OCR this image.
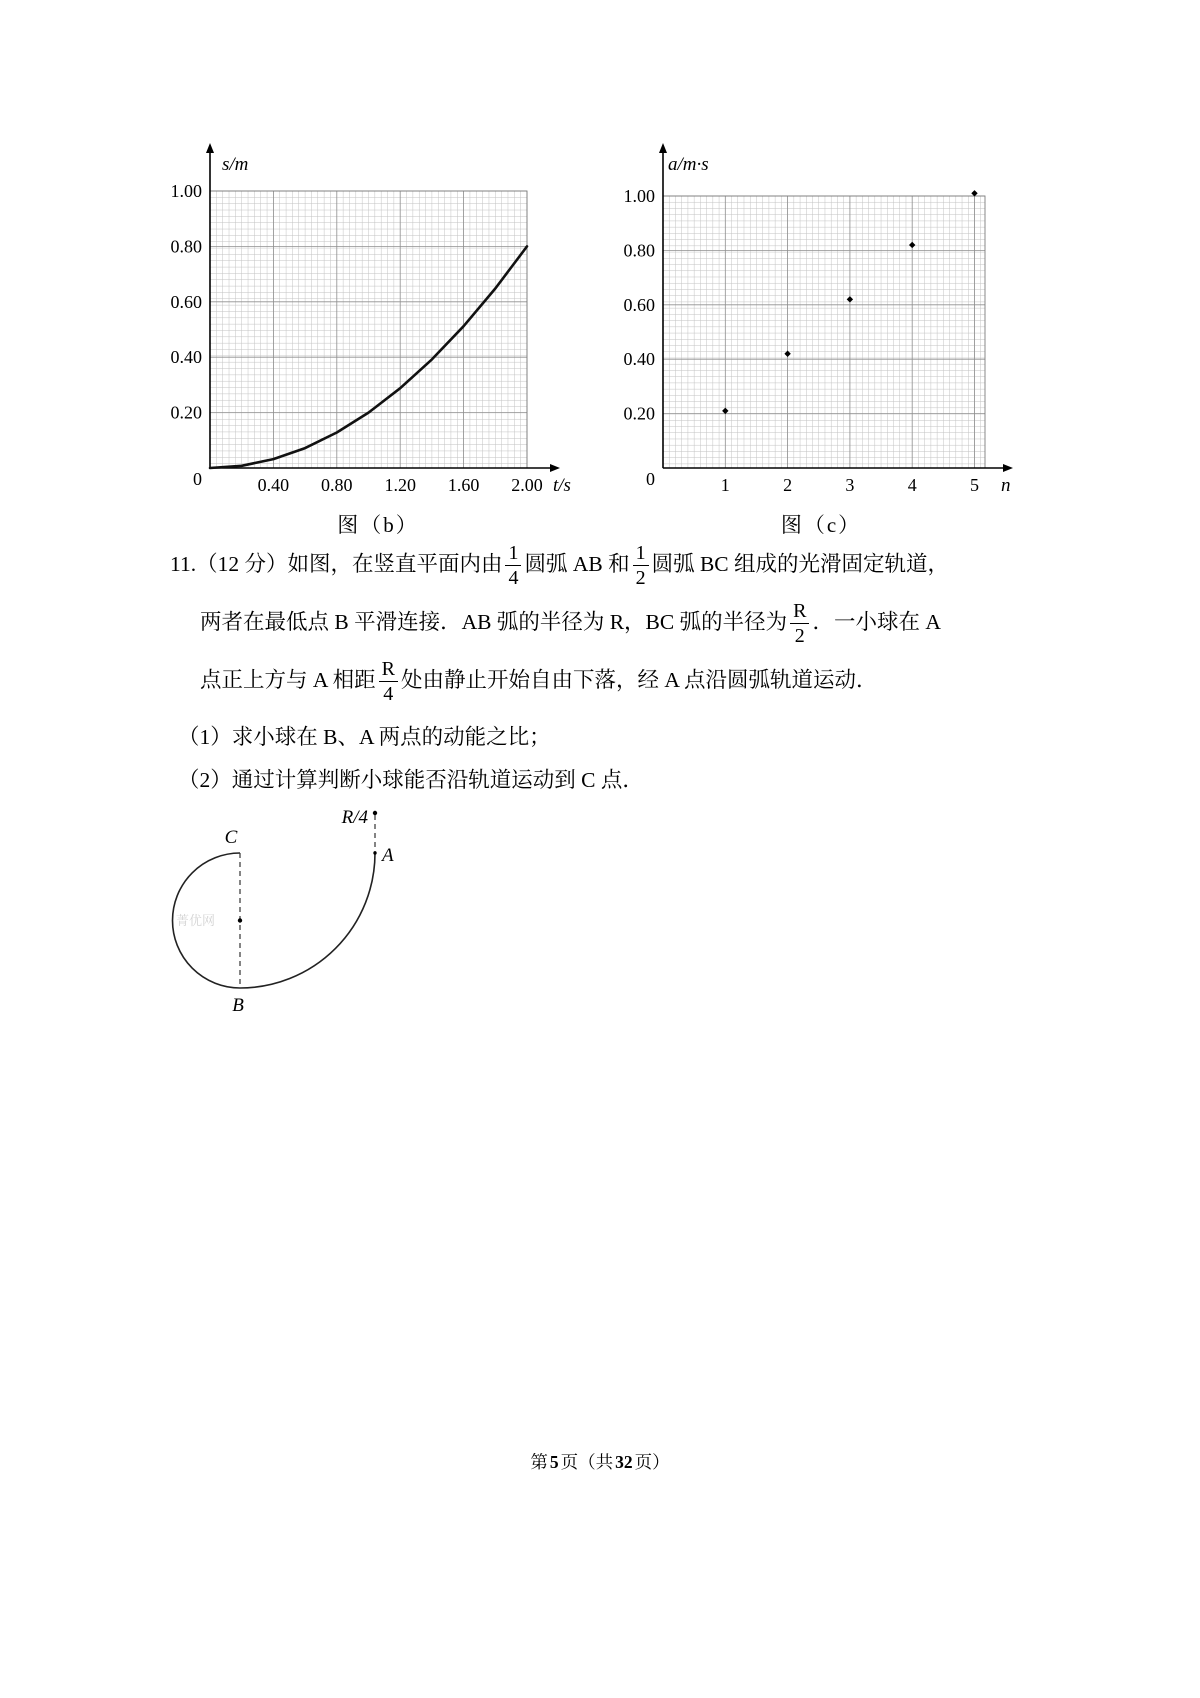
0.20
0.40
0.60
0.80
1.00
0.40 0.80 1.20 1.60 2.00
0
s/m
t/s
图（b）
0.20
0.40
0.60
0.80
1.00
1	2	3	4	5
0
a/m·s
n
图（c）

11.（12 分）如图，在竖直平面内由 $\frac{1}{4}$ 圆弧 AB 和 $\frac{1}{2}$ 圆弧 BC 组成的光滑固定轨道，

两者在最低点 B 平滑连接．AB 弧的半径为 R，BC 弧的半径为 $\frac{R}{2}$ ．一小球在 A

点正上方与 A 相距 $\frac{R}{4}$ 处由静止开始自由下落，经 A 点沿圆弧轨道运动．

（1）求小球在 B、A 两点的动能之比；

（2）通过计算判断小球能否沿轨道运动到 C 点．

菁优网
R/4
A
C
B
第 5 页（共 32 页）
